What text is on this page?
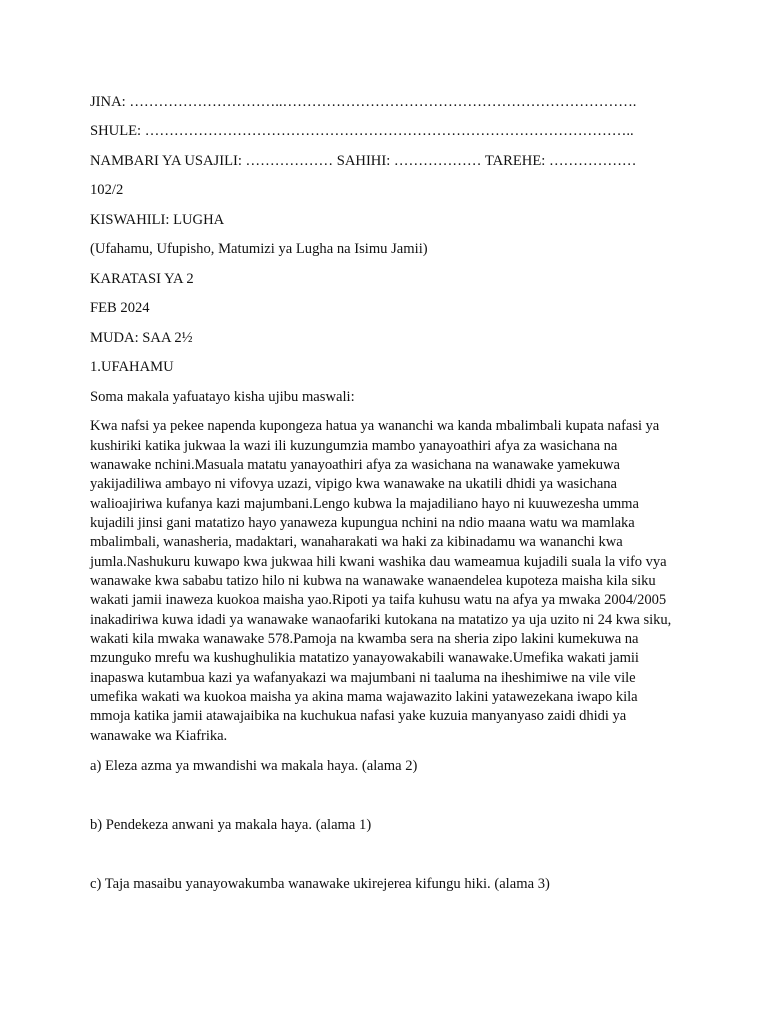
JINA: …………………………..……………………………………………………………….
SHULE: ………………………………………………………………………………………..
NAMBARI YA USAJILI: ……………… SAHIHI: ……………… TAREHE: ………………
102/2
KISWAHILI: LUGHA
(Ufahamu, Ufupisho, Matumizi ya Lugha na Isimu Jamii)
KARATASI YA 2
FEB 2024
MUDA: SAA 2½
1.UFAHAMU
Soma makala yafuatayo kisha ujibu maswali:
Kwa nafsi ya pekee napenda kupongeza hatua ya wananchi wa kanda mbalimbali kupata nafasi ya kushiriki katika jukwaa la wazi ili kuzungumzia mambo yanayoathiri afya za wasichana na wanawake nchini.Masuala matatu yanayoathiri afya za wasichana na wanawake yamekuwa yakijadiliwa ambayo ni vifovya uzazi, vipigo kwa wanawake na ukatili dhidi ya wasichana walioajiriwa kufanya kazi majumbani.Lengo kubwa la majadiliano hayo ni kuuwezesha umma kujadili jinsi gani matatizo hayo yanaweza kupungua nchini na ndio maana watu wa mamlaka mbalimbali, wanasheria, madaktari, wanaharakati wa haki za kibinadamu wa wananchi kwa jumla.Nashukuru kuwapo kwa jukwaa hili kwani washika dau wameamua kujadili suala la vifo vya wanawake kwa sababu tatizo hilo ni kubwa na wanawake wanaendelea kupoteza maisha kila siku wakati jamii inaweza kuokoa maisha yao.Ripoti ya taifa kuhusu watu na afya ya mwaka 2004/2005 inakadiriwa kuwa idadi ya wanawake wanaofariki kutokana na matatizo ya uja uzito ni 24 kwa siku, wakati kila mwaka wanawake 578.Pamoja na kwamba sera na sheria zipo lakini kumekuwa na mzunguko mrefu wa kushughulikia matatizo yanayowakabili wanawake.Umefika wakati jamii inapaswa kutambua kazi ya wafanyakazi wa majumbani ni taaluma na iheshimiwe na vile vile umefika wakati wa kuokoa maisha ya akina mama wajawazito lakini yatawezekana iwapo kila mmoja katika jamii atawajaibika na kuchukua nafasi yake kuzuia manyanyaso zaidi dhidi ya wanawake wa Kiafrika.
a) Eleza azma ya mwandishi wa makala haya. (alama 2)
b) Pendekeza anwani ya makala haya. (alama 1)
c) Taja masaibu yanayowakumba wanawake ukirejerea kifungu hiki. (alama 3)
